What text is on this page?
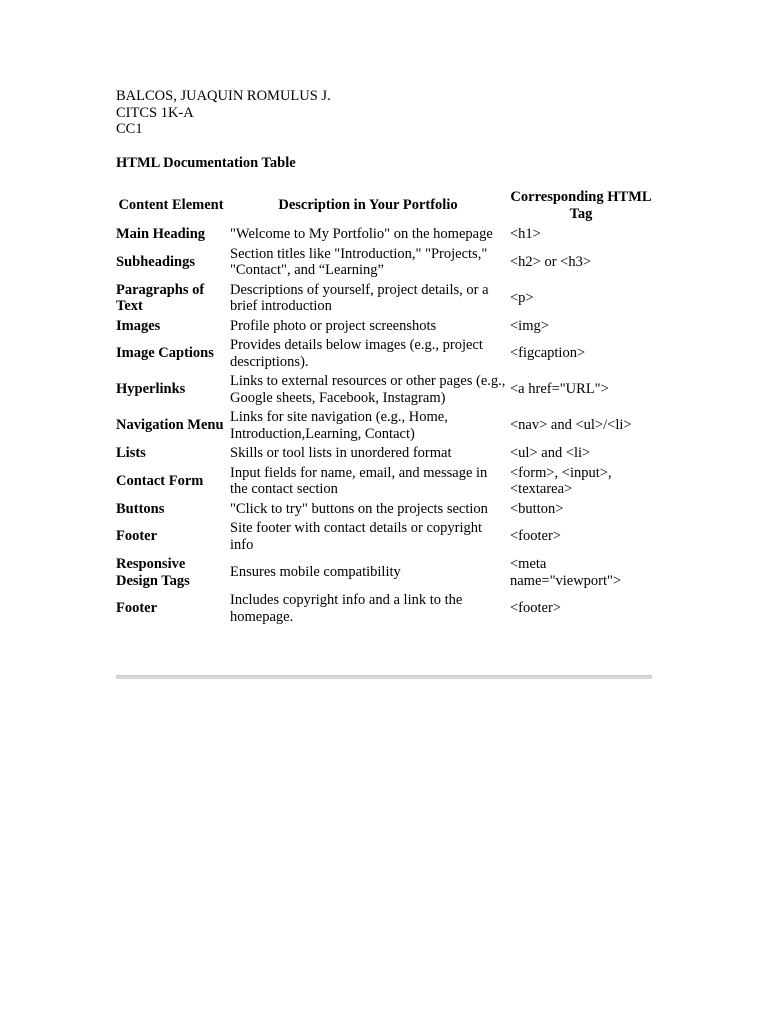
BALCOS, JUAQUIN ROMULUS J.
CITCS 1K-A
CC1
HTML Documentation Table
Content Element	Description in Your Portfolio	Corresponding HTML Tag
Main Heading	"Welcome to My Portfolio" on the homepage	<h1>
Subheadings	Section titles like "Introduction," "Projects," "Contact", and “Learning”	<h2> or <h3>
Paragraphs of Text	Descriptions of yourself, project details, or a brief introduction	<p>
Images	Profile photo or project screenshots	<img>
Image Captions	Provides details below images (e.g., project descriptions).	<figcaption>
Hyperlinks	Links to external resources or other pages (e.g., Google sheets, Facebook, Instagram)	<a href="URL">
Navigation Menu	Links for site navigation (e.g., Home, Introduction,Learning, Contact)	<nav> and <ul>/<li>
Lists	Skills or tool lists in unordered format	<ul> and <li>
Contact Form	Input fields for name, email, and message in the contact section	<form>, <input>, <textarea>
Buttons	"Click to try" buttons on the projects section	<button>
Footer	Site footer with contact details or copyright info	<footer>
Responsive Design Tags	Ensures mobile compatibility	<meta name="viewport">
Footer	Includes copyright info and a link to the homepage.	<footer>
